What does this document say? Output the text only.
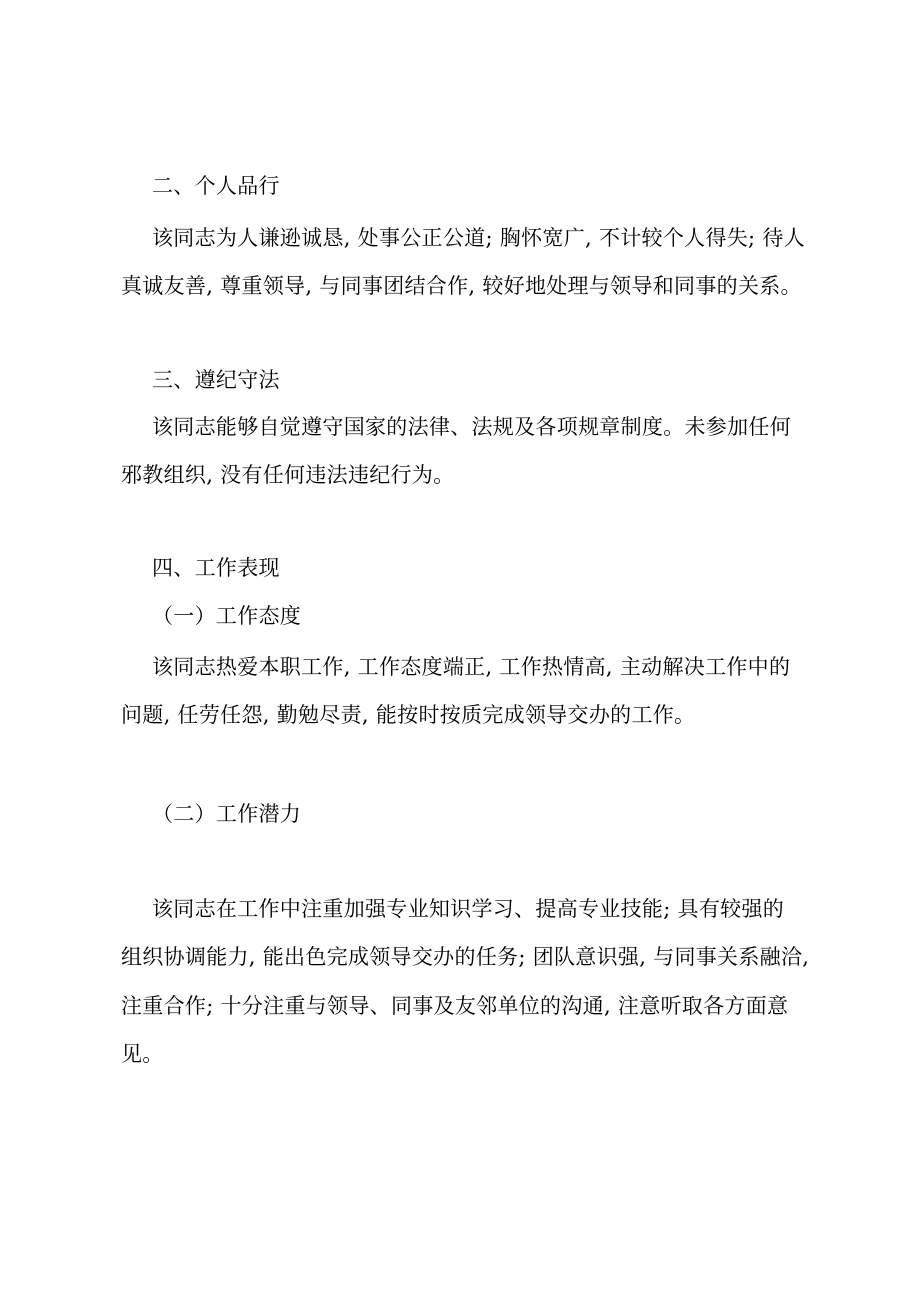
二、个人品行

该同志为人谦逊诚恳, 处事公正公道; 胸怀宽广, 不计较个人得失; 待人

真诚友善, 尊重领导, 与同事团结合作, 较好地处理与领导和同事的关系。

三、遵纪守法

该同志能够自觉遵守国家的法律、法规及各项规章制度。未参加任何

邪教组织, 没有任何违法违纪行为。

四、工作表现

（一）工作态度

该同志热爱本职工作, 工作态度端正, 工作热情高, 主动解决工作中的

问题, 任劳任怨, 勤勉尽责, 能按时按质完成领导交办的工作。

（二）工作潜力

该同志在工作中注重加强专业知识学习、提高专业技能; 具有较强的

组织协调能力, 能出色完成领导交办的任务; 团队意识强, 与同事关系融洽,

注重合作; 十分注重与领导、同事及友邻单位的沟通, 注意听取各方面意

见。
